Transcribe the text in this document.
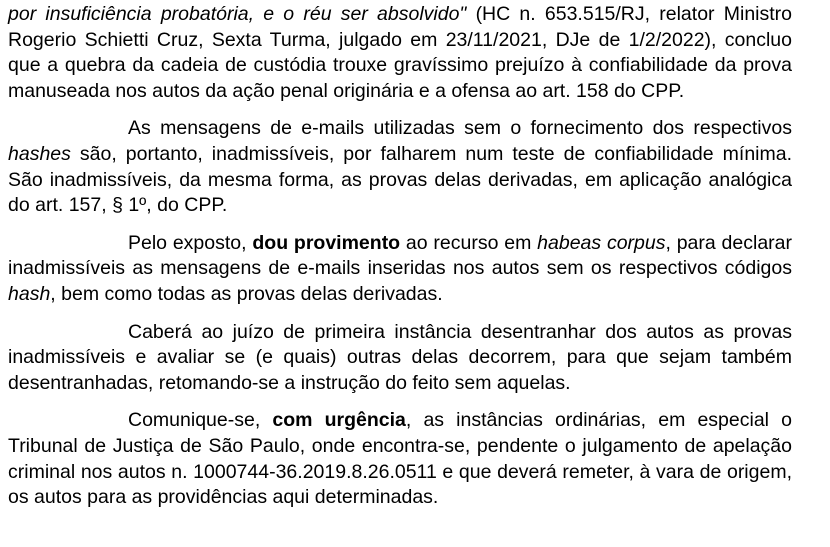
por insuficiência probatória, e o réu ser absolvido" (HC n. 653.515/RJ, relator Ministro Rogerio Schietti Cruz, Sexta Turma, julgado em 23/11/2021, DJe de 1/2/2022), concluo que a quebra da cadeia de custódia trouxe gravíssimo prejuízo à confiabilidade da prova manuseada nos autos da ação penal originária e a ofensa ao art. 158 do CPP.

As mensagens de e-mails utilizadas sem o fornecimento dos respectivos hashes são, portanto, inadmissíveis, por falharem num teste de confiabilidade mínima. São inadmissíveis, da mesma forma, as provas delas derivadas, em aplicação analógica do art. 157, § 1º, do CPP.

Pelo exposto, dou provimento ao recurso em habeas corpus, para declarar inadmissíveis as mensagens de e-mails inseridas nos autos sem os respectivos códigos hash, bem como todas as provas delas derivadas.

Caberá ao juízo de primeira instância desentranhar dos autos as provas inadmissíveis e avaliar se (e quais) outras delas decorrem, para que sejam também desentranhadas, retomando-se a instrução do feito sem aquelas.

Comunique-se, com urgência, as instâncias ordinárias, em especial o Tribunal de Justiça de São Paulo, onde encontra-se, pendente o julgamento de apelação criminal nos autos n. 1000744-36.2019.8.26.0511 e que deverá remeter, à vara de origem, os autos para as providências aqui determinadas.
